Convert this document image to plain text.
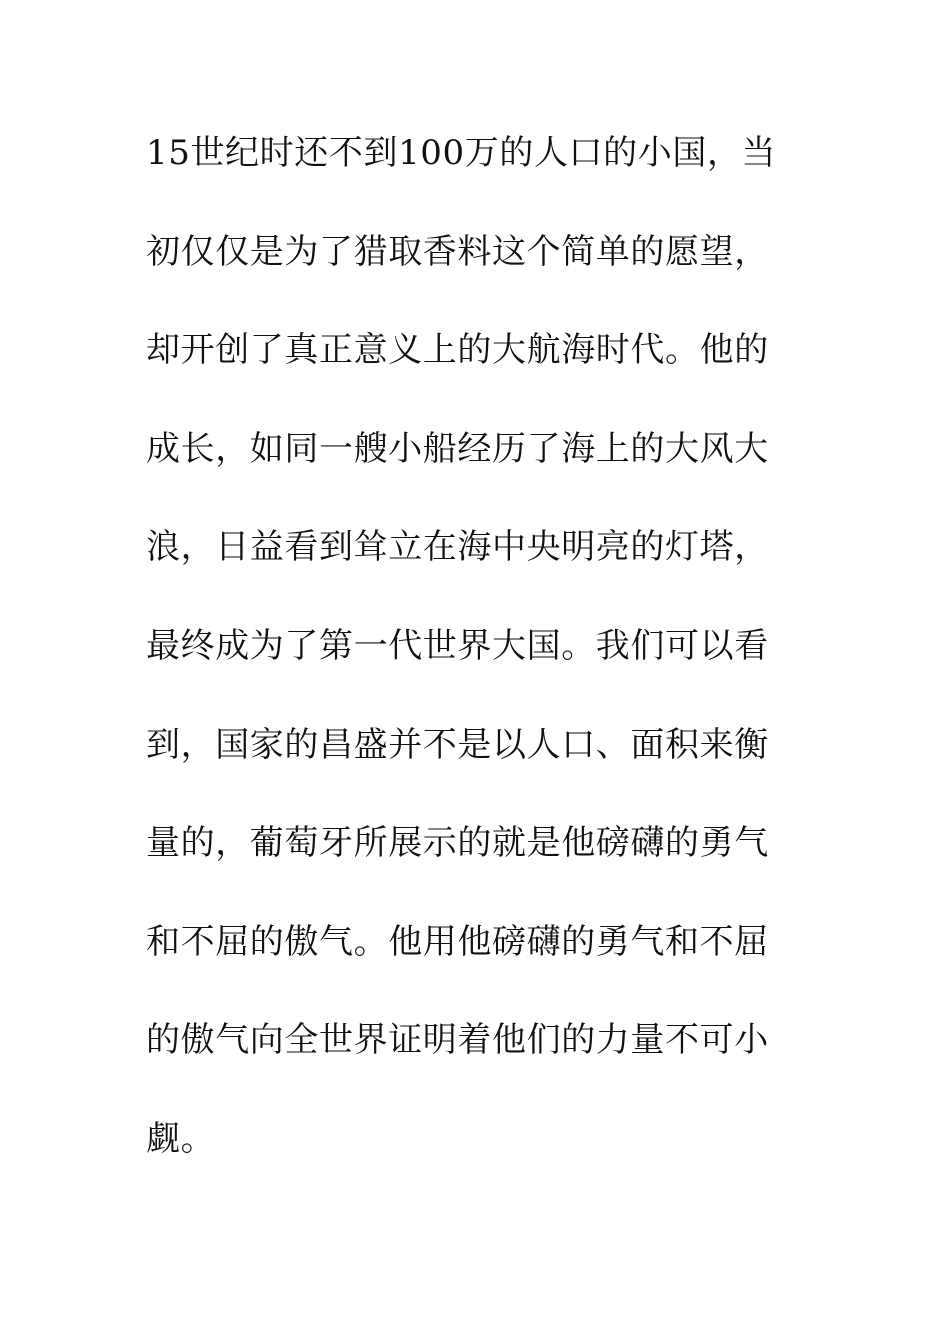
15世纪时还不到100万的人口的小国，当
初仅仅是为了猎取香料这个简单的愿望，
却开创了真正意义上的大航海时代。他的
成长，如同一艘小船经历了海上的大风大
浪，日益看到耸立在海中央明亮的灯塔，
最终成为了第一代世界大国。我们可以看
到，国家的昌盛并不是以人口、面积来衡
量的，葡萄牙所展示的就是他磅礴的勇气
和不屈的傲气。他用他磅礴的勇气和不屈
的傲气向全世界证明着他们的力量不可小
觑。
